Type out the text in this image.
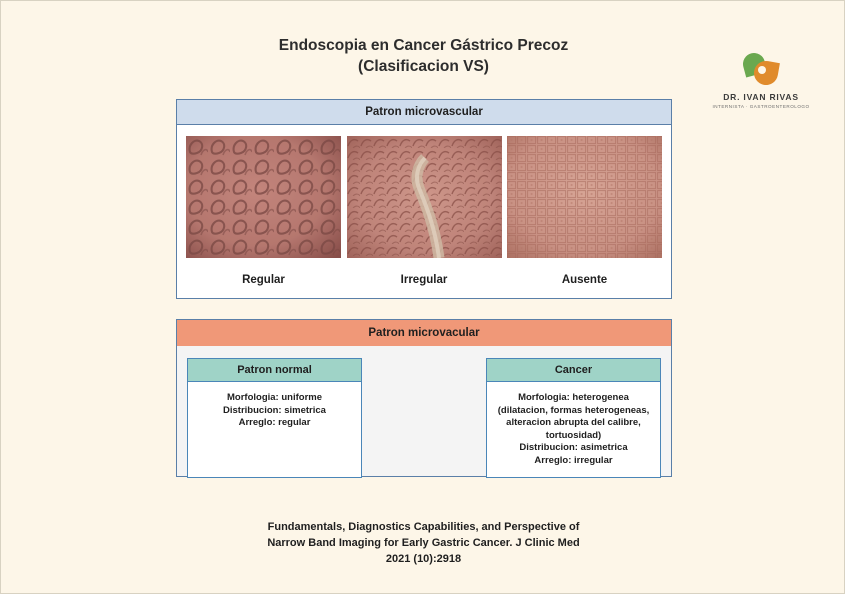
Endoscopia en Cancer Gástrico Precoz
(Clasificacion VS)
DR. IVAN RIVAS
INTERNISTA · GASTROENTEROLOGO
Patron microvascular
Regular	Irregular	Ausente
Patron microvacular
Patron normal
Morfologia: uniforme
Distribucion: simetrica
Arreglo: regular
Cancer
Morfologia: heterogenea
(dilatacion, formas heterogeneas,
alteracion abrupta del calibre,
tortuosidad)
Distribucion: asimetrica
Arreglo: irregular
Fundamentals, Diagnostics Capabilities, and Perspective of
Narrow Band Imaging for Early Gastric Cancer. J Clinic Med
2021 (10):2918
